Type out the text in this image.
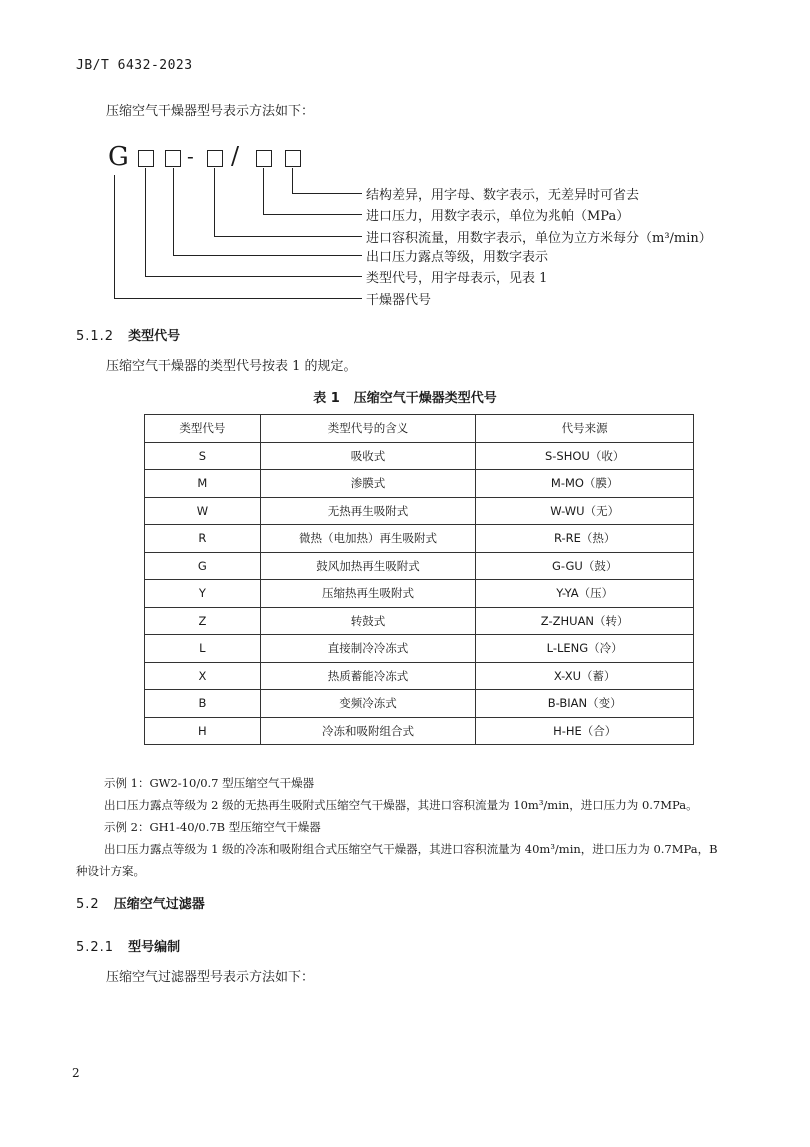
JB/T 6432-2023
压缩空气干燥器型号表示方法如下：
G	- /
结构差异，用字母、数字表示，无差异时可省去
进口压力，用数字表示，单位为兆帕（MPa）
进口容积流量，用数字表示，单位为立方米每分（m³/min）
出口压力露点等级，用数字表示
类型代号，用字母表示，见表 1
干燥器代号
5.1.2 类型代号
压缩空气干燥器的类型代号按表 1 的规定。
表 1 压缩空气干燥器类型代号
类型代号	类型代号的含义	代号来源
S	吸收式	S-SHOU（收）
M	渗膜式	M-MO（膜）
W	无热再生吸附式	W-WU（无）
R	微热（电加热）再生吸附式	R-RE（热）
G	鼓风加热再生吸附式	G-GU（鼓）
Y	压缩热再生吸附式	Y-YA（压）
Z	转鼓式	Z-ZHUAN（转）
L	直接制冷冷冻式	L-LENG（冷）
X	热质蓄能冷冻式	X-XU（蓄）
B	变频冷冻式	B-BIAN（变）
H	冷冻和吸附组合式	H-HE（合）
示例 1：GW2-10/0.7 型压缩空气干燥器
出口压力露点等级为 2 级的无热再生吸附式压缩空气干燥器，其进口容积流量为 10m³/min，进口压力为 0.7MPa。
示例 2：GH1-40/0.7B 型压缩空气干燥器
出口压力露点等级为 1 级的冷冻和吸附组合式压缩空气干燥器，其进口容积流量为 40m³/min，进口压力为 0.7MPa，B
种设计方案。
5.2 压缩空气过滤器
5.2.1 型号编制
压缩空气过滤器型号表示方法如下：
2
